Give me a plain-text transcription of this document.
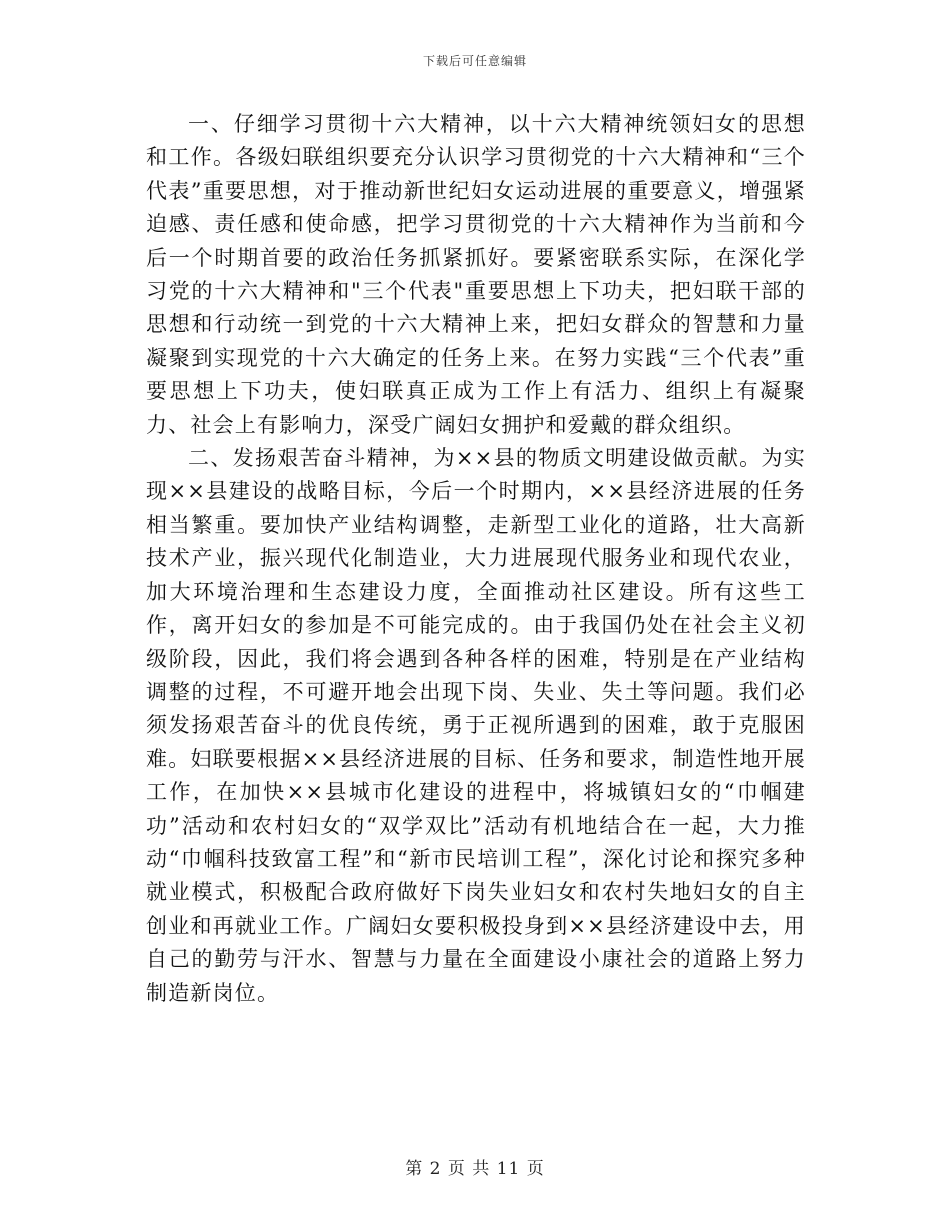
下载后可任意编辑

一、仔细学习贯彻十六大精神，以十六大精神统领妇女的思想和工作。各级妇联组织要充分认识学习贯彻党的十六大精神和“三个代表”重要思想，对于推动新世纪妇女运动进展的重要意义，增强紧迫感、责任感和使命感，把学习贯彻党的十六大精神作为当前和今后一个时期首要的政治任务抓紧抓好。要紧密联系实际，在深化学习党的十六大精神和"三个代表"重要思想上下功夫，把妇联干部的思想和行动统一到党的十六大精神上来，把妇女群众的智慧和力量凝聚到实现党的十六大确定的任务上来。在努力实践“三个代表”重要思想上下功夫，使妇联真正成为工作上有活力、组织上有凝聚力、社会上有影响力，深受广阔妇女拥护和爱戴的群众组织。

二、发扬艰苦奋斗精神，为××县的物质文明建设做贡献。为实现××县建设的战略目标，今后一个时期内，××县经济进展的任务相当繁重。要加快产业结构调整，走新型工业化的道路，壮大高新技术产业，振兴现代化制造业，大力进展现代服务业和现代农业，加大环境治理和生态建设力度，全面推动社区建设。所有这些工作，离开妇女的参加是不可能完成的。由于我国仍处在社会主义初级阶段，因此，我们将会遇到各种各样的困难，特别是在产业结构调整的过程，不可避开地会出现下岗、失业、失土等问题。我们必须发扬艰苦奋斗的优良传统，勇于正视所遇到的困难，敢于克服困难。妇联要根据××县经济进展的目标、任务和要求，制造性地开展工作，在加快××县城市化建设的进程中，将城镇妇女的“巾帼建功”活动和农村妇女的“双学双比”活动有机地结合在一起，大力推动“巾帼科技致富工程”和“新市民培训工程”，深化讨论和探究多种就业模式，积极配合政府做好下岗失业妇女和农村失地妇女的自主创业和再就业工作。广阔妇女要积极投身到××县经济建设中去，用自己的勤劳与汗水、智慧与力量在全面建设小康社会的道路上努力制造新岗位。

第 2 页 共 11 页
